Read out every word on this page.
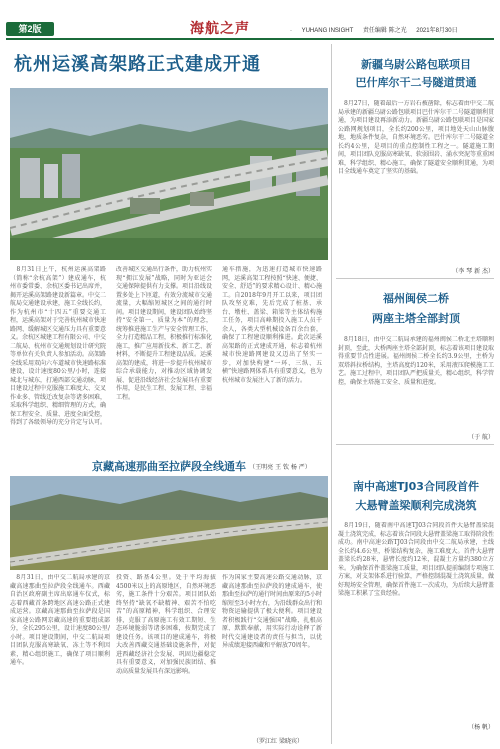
第2版	海航之声	· YUHANG INSIGHT 责任编辑 陈之光 2021年8月30日
杭州运溪高架路正式建成开通
　8月31日上午，杭州运溪高架路（简称“余杭高架”）建成通车，杭州市委常委、余杭区委书记出席并，揭开运溪高架路建设新篇章。中交二航局交通建设承建，施工全线长约，作为杭州市“十四五”重要交通工程，运溪高架对于完善杭州城市快速路网、缓解城区交通压力具有重要意义。余杭区城建工程有限公司、中交二航局、杭州市交通规划设计研究院等单位有关负责人参加活动。高架路全线采用双向六车道城市快速路标准建设，设计速度80公里/小时，连接城北与城东，打通西部交通动脉，项目建设过程中克服施工难度大、交叉作业多、管线迁改复杂等诸多困难，采取科学组织、精细管理的方式，确保工程安全、质量、进度全面受控，得到了各级领导的充分肯定与认可。
改善城区交通出行条件，助力杭州实现“拥江发展”战略，同时为亚运会交通保障提供有力支撑。项目沿线设置多处上下匝道，有效分流城市交通流量，大幅缩短城区之间的通行时间。项目建设期间，建设团队始终坚持“安全第一、质量为本”的理念，统筹推进施工生产与安全管理工作，全力打造精品工程，积极推行标准化施工，推广应用新技术、新工艺、新材料，不断提升工程建设品质。运溪高架的建成，将进一步提升杭州城市综合承载能力，对推动区域协调发展、促进沿线经济社会发展具有重要作用，是民生工程、发展工程、幸福工程。
通车措施，为迅速打造城市快速路网，运溪高架工程按照“快速、便捷、安全、舒适”的要求精心设计、精心施工。自2018年9月开工以来，项目团队攻坚克难，先后完成了桩基、承台、墩柱、盖梁、箱梁等主体结构施工任务，项目高峰期投入施工人员千余人，各类大型机械设备百余台套，确保了工程建设顺利推进。此次运溪高架路的正式建成开通，标志着杭州城市快速路网建设又迈出了坚实一步，对加快构建“一环、三纵、五横”快速路网体系具有重要意义，也为杭州城市发展注入了新的活力。
（王明亮 王 钦 杨 严）
京藏高速那曲至拉萨段全线通车
　8月31日，由中交二航局承建的京藏高速那曲至拉萨段全线通车。西藏自治区政府副主席出席通车仪式，标志着西藏首条跨地区高速公路正式建成运营。京藏高速那曲至拉萨段是国家高速公路网京藏高速的重要组成部分，全长295公里，设计速度80公里/小时。项目建设期间，中交二航局项目团队克服高寒缺氧、冻土等不利因素，精心组织施工，确保了项目顺利通车。
投资、路基4公里。处于平均海拔4500米以上的高原地区，自然环境恶劣，施工条件十分艰苦。项目团队始终坚持“缺氧不缺精神、艰苦不怕吃苦”的高原精神，科学组织、合理安排，克服了高原施工有效工期短、生态环境脆弱等诸多困难，按期完成了建设任务。该项目的建成通车，将极大改善西藏交通基础设施条件，对促进西藏经济社会发展、巩固边疆稳定具有重要意义，对加强民族团结、推动高质量发展具有深远影响。
作为国家主要高速公路交通动脉，京藏高速那曲至拉萨段的建成通车，使那曲至拉萨的通行时间由原来的5小时缩短至3小时左右，为沿线群众出行和物资运输提供了极大便利。项目建设者积极践行“交通强国”战略，扎根高原、默默奉献，用实际行动诠释了新时代交通建设者的责任与担当，以优异成绩迎接西藏和平解放70周年。
（罗江红 梁晓宾）
新疆乌尉公路包联项目
巴什库尔干二号隧道贯通
　8月27日，随着最后一方岩石被凿除，标志着由中交二航局承建的新疆乌尉公路包联项目巴什库尔干二号隧道顺利贯通，为项目建设再添新动力。新疆乌尉公路包联项目是国家公路网规划项目，全长约200公里，项目地处天山山脉腹地，地质条件复杂，自然环境恶劣。巴什库尔干二号隧道全长约4公里，是项目的重点控制性工程之一。隧道施工期间，项目团队克服高寒缺氧、软弱围岩、涌水突泥等重重困难，科学组织、精心施工，确保了隧道安全顺利贯通，为项目全线通车奠定了坚实的基础。
（李 琴 新 杰）
福州闽侯二桥
两座主塔全部封顶
　8月18日，由中交二航局承建的福州闽侯二桥北主塔顺利封顶，至此，大桥两座主塔全部封顶，标志着该项目建设取得重要节点性进展。福州闽侯二桥全长约3.9公里，主桥为双塔斜拉桥结构，主塔高度约120米，采用液压爬模施工工艺。施工过程中，项目团队严把质量关，精心组织，科学管控，确保主塔施工安全、质量和进度。
（于 航）
南中高速TJ03合同段首件
大悬臂盖梁顺利完成浇筑
　8月19日，随着南中高速TJ03合同段首件大悬臂盖梁混凝土浇筑完成，标志着该合同段大悬臂盖梁施工取得阶段性成功。南中高速公路TJ03合同段由中交二航局承建，主线全长约4.6公里，桥梁结构复杂，施工难度大。首件大悬臂盖梁长约28米，悬臂长度约12米，混凝土方量约380立方米。为确保首件盖梁施工质量，项目团队提前编制专项施工方案，对支架体系进行验算，严格控制混凝土浇筑质量，做好现场安全管理，确保首件施工一次成功，为后续大悬臂盖梁施工积累了宝贵经验。
（杨 帆）
